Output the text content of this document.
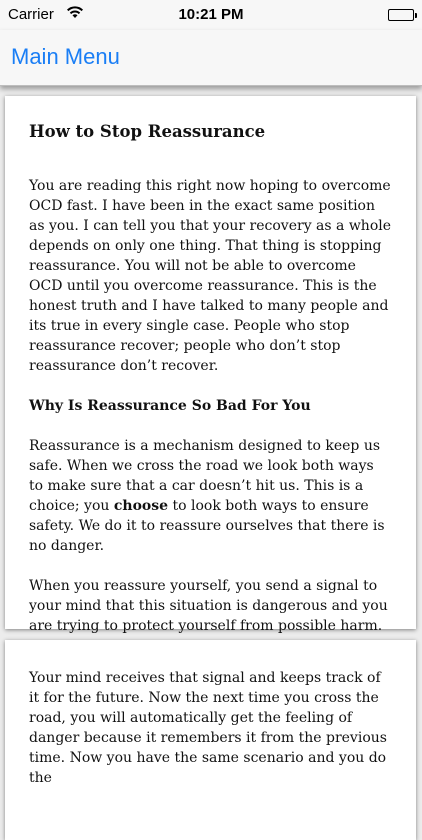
Carrier	10:21 PM
Main Menu
How to Stop Reassurance

You are reading this right now hoping to overcome OCD fast. I have been in the exact same position as you. I can tell you that your recovery as a whole depends on only one thing. That thing is stopping reassurance. You will not be able to overcome OCD until you overcome reassurance. This is the honest truth and I have talked to many people and its true in every single case. People who stop reassurance recover; people who don’t stop reassurance don’t recover.

Why Is Reassurance So Bad For You

Reassurance is a mechanism designed to keep us safe. When we cross the road we look both ways to make sure that a car doesn’t hit us. This is a choice; you choose to look both ways to ensure safety. We do it to reassure ourselves that there is no danger.

When you reassure yourself, you send a signal to your mind that this situation is dangerous and you are trying to protect yourself from possible harm.

Your mind receives that signal and keeps track of it for the future. Now the next time you cross the road, you will automatically get the feeling of danger because it remembers it from the previous time. Now you have the same scenario and you do the
